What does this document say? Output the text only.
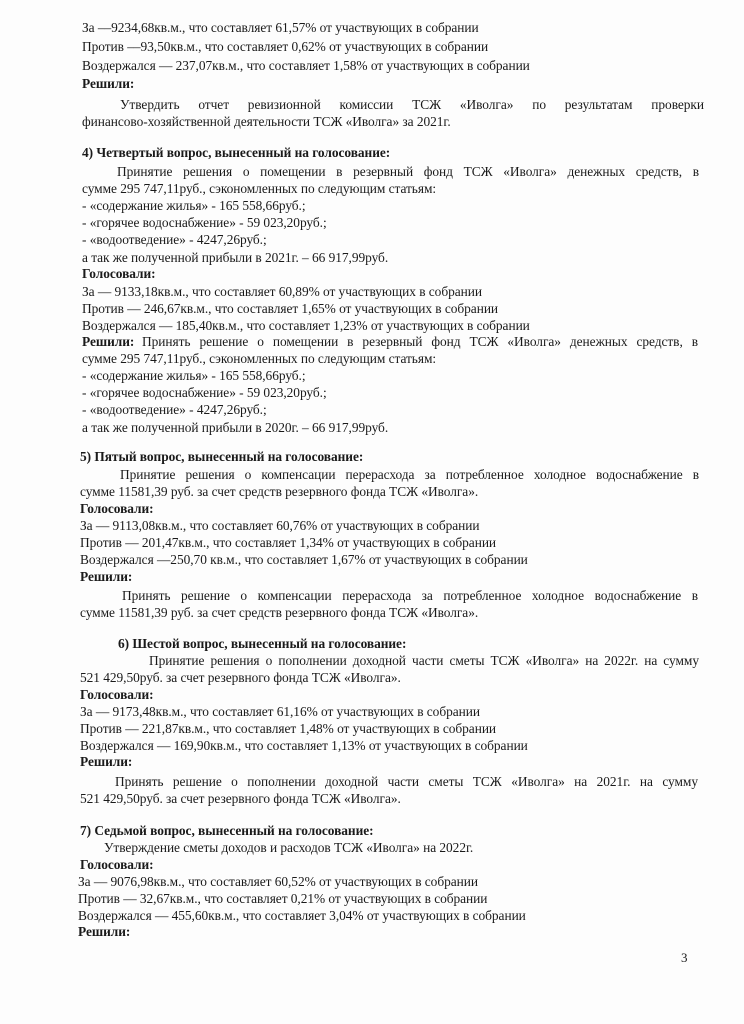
За ––9234,68кв.м., что составляет 61,57% от участвующих в собрании
Против ––93,50кв.м., что составляет 0,62% от участвующих в собрании
Воздержался — 237,07кв.м., что составляет 1,58% от участвующих в собрании
Решили:
Утвердить отчет ревизионной комиссии ТСЖ «Иволга» по результатам проверки
финансово-хозяйственной деятельности ТСЖ «Иволга» за 2021г.
4) Четвертый вопрос, вынесенный на голосование:
Принятие решения о помещении в резервный фонд ТСЖ «Иволга» денежных средств, в
сумме 295 747,11руб., сэкономленных по следующим статьям:
- «содержание жилья» - 165 558,66руб.;
- «горячее водоснабжение» - 59 023,20руб.;
- «водоотведение» - 4247,26руб.;
а так же полученной прибыли в 2021г. – 66 917,99руб.
Голосовали:
За — 9133,18кв.м., что составляет 60,89% от участвующих в собрании
Против — 246,67кв.м., что составляет 1,65% от участвующих в собрании
Воздержался — 185,40кв.м., что составляет 1,23% от участвующих в собрании
Решили: Принять решение о помещении в резервный фонд ТСЖ «Иволга» денежных средств, в
сумме 295 747,11руб., сэкономленных по следующим статьям:
- «содержание жилья» - 165 558,66руб.;
- «горячее водоснабжение» - 59 023,20руб.;
- «водоотведение» - 4247,26руб.;
а так же полученной прибыли в 2020г. – 66 917,99руб.
5) Пятый вопрос, вынесенный на голосование:
Принятие решения о компенсации перерасхода за потребленное холодное водоснабжение в
сумме 11581,39 руб. за счет средств резервного фонда ТСЖ «Иволга».
Голосовали:
За — 9113,08кв.м., что составляет 60,76% от участвующих в собрании
Против — 201,47кв.м., что составляет 1,34% от участвующих в собрании
Воздержался —250,70 кв.м., что составляет 1,67% от участвующих в собрании
Решили:
Принять решение о компенсации перерасхода за потребленное холодное водоснабжение в
сумме 11581,39 руб. за счет средств резервного фонда ТСЖ «Иволга».
6) Шестой вопрос, вынесенный на голосование:
Принятие решения о пополнении доходной части сметы ТСЖ «Иволга» на 2022г. на сумму
521 429,50руб. за счет резервного фонда ТСЖ «Иволга».
Голосовали:
За — 9173,48кв.м., что составляет 61,16% от участвующих в собрании
Против — 221,87кв.м., что составляет 1,48% от участвующих в собрании
Воздержался — 169,90кв.м., что составляет 1,13% от участвующих в собрании
Решили:
Принять решение о пополнении доходной части сметы ТСЖ «Иволга» на 2021г. на сумму
521 429,50руб. за счет резервного фонда ТСЖ «Иволга».
7) Седьмой вопрос, вынесенный на голосование:
Утверждение сметы доходов и расходов ТСЖ «Иволга» на 2022г.
Голосовали:
За — 9076,98кв.м., что составляет 60,52% от участвующих в собрании
Против — 32,67кв.м., что составляет 0,21% от участвующих в собрании
Воздержался — 455,60кв.м., что составляет 3,04% от участвующих в собрании
Решили:
3
